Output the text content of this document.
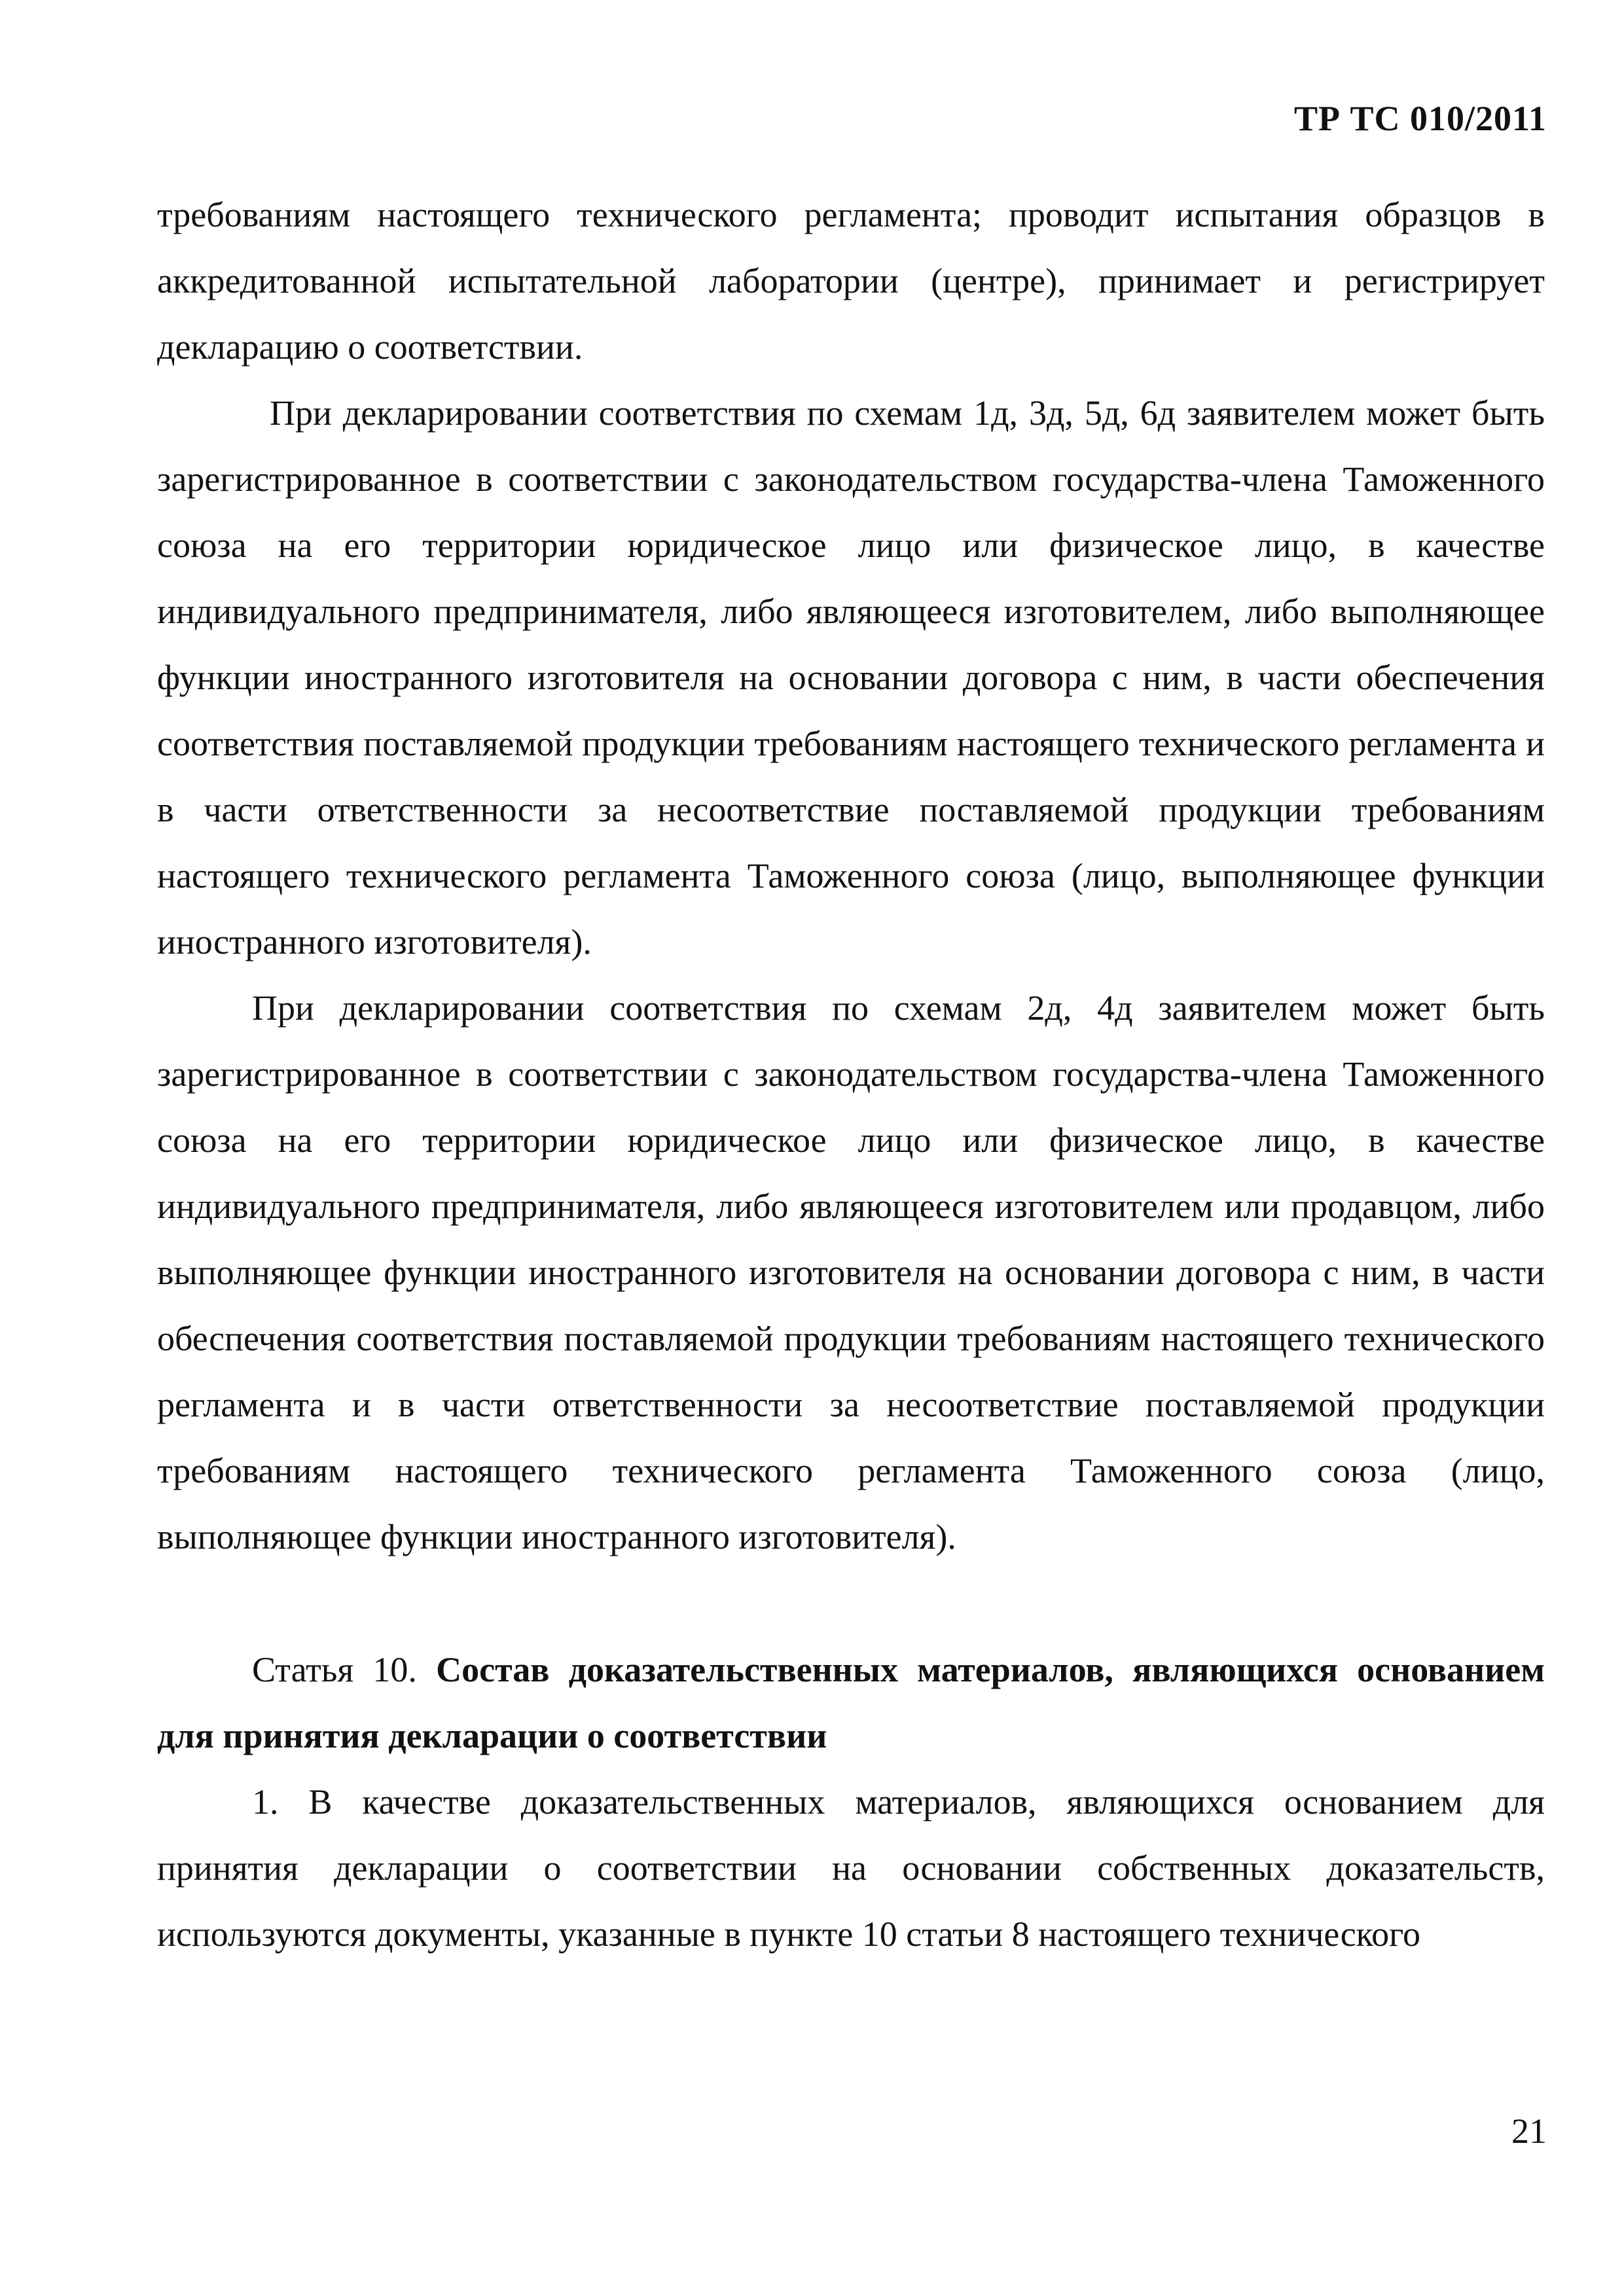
ТР ТС 010/2011

требованиям настоящего технического регламента; проводит испытания образцов в аккредитованной испытательной лаборатории (центре), принимает и регистрирует декларацию о соответствии.

При декларировании соответствия по схемам 1д, 3д, 5д, 6д заявителем может быть зарегистрированное в соответствии с законодательством государства-члена Таможенного союза на его территории юридическое лицо или физическое лицо, в качестве индивидуального предпринимателя, либо являющееся изготовителем, либо выполняющее функции иностранного изготовителя на основании договора с ним, в части обеспечения соответствия поставляемой продукции требованиям настоящего технического регламента и в части ответственности за несоответствие поставляемой продукции требованиям настоящего технического регламента Таможенного союза (лицо, выполняющее функции иностранного изготовителя).

При декларировании соответствия по схемам 2д, 4д заявителем может быть зарегистрированное в соответствии с законодательством государства-члена Таможенного союза на его территории юридическое лицо или физическое лицо, в качестве индивидуального предпринимателя, либо являющееся изготовителем или продавцом, либо выполняющее функции иностранного изготовителя на основании договора с ним, в части обеспечения соответствия поставляемой продукции требованиям настоящего технического регламента и в части ответственности за несоответствие поставляемой продукции требованиям настоящего технического регламента Таможенного союза (лицо, выполняющее функции иностранного изготовителя).

Статья 10. Состав доказательственных материалов, являющихся основанием для принятия декларации о соответствии

1. В качестве доказательственных материалов, являющихся основанием для принятия декларации о соответствии на основании собственных доказательств, используются документы, указанные в пункте 10 статьи 8 настоящего технического

21
